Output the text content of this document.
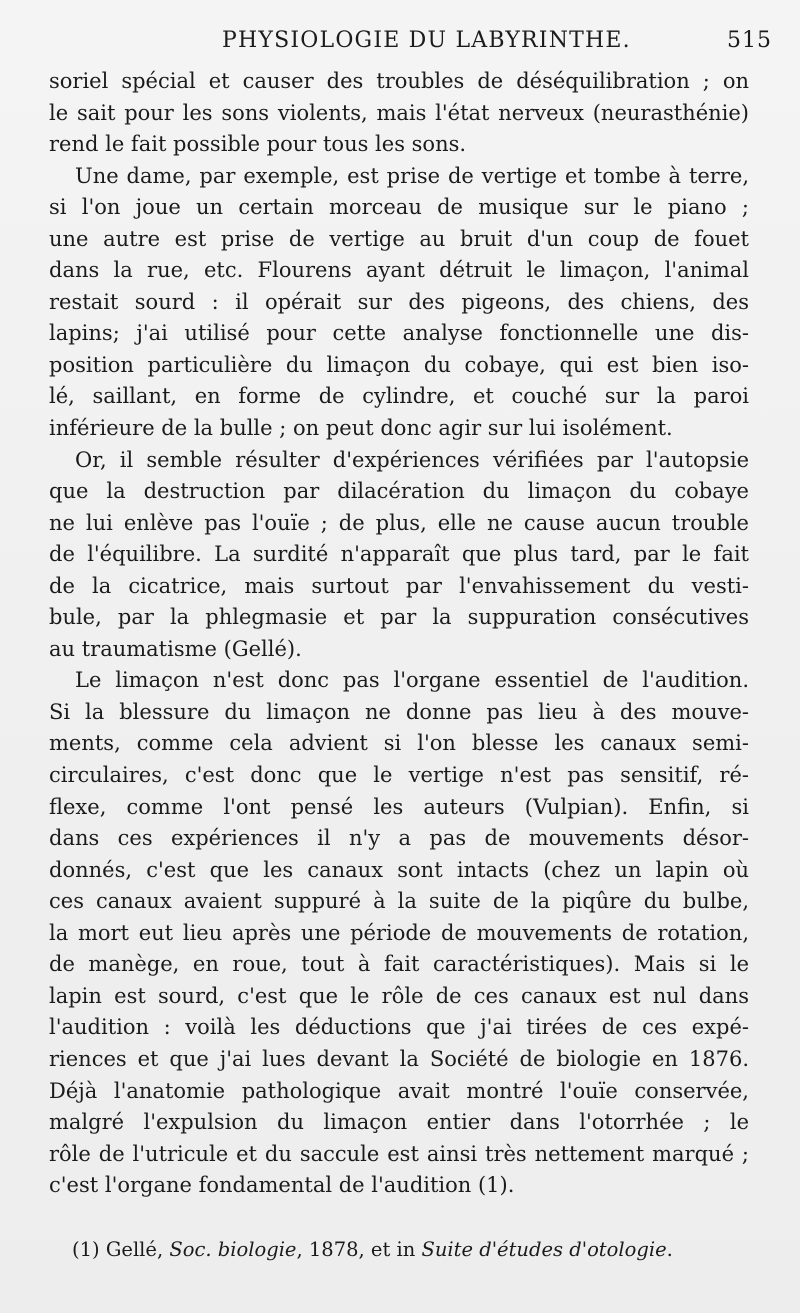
PHYSIOLOGIE DU LABYRINTHE.	515
soriel spécial et causer des troubles de déséquilibration ; on
le sait pour les sons violents, mais l'état nerveux (neurasthénie)
rend le fait possible pour tous les sons.
Une dame, par exemple, est prise de vertige et tombe à terre,
si l'on joue un certain morceau de musique sur le piano ;
une autre est prise de vertige au bruit d'un coup de fouet
dans la rue, etc. Flourens ayant détruit le limaçon, l'animal
restait sourd : il opérait sur des pigeons, des chiens, des
lapins; j'ai utilisé pour cette analyse fonctionnelle une dis-
position particulière du limaçon du cobaye, qui est bien iso-
lé, saillant, en forme de cylindre, et couché sur la paroi
inférieure de la bulle ; on peut donc agir sur lui isolément.
Or, il semble résulter d'expériences vérifiées par l'autopsie
que la destruction par dilacération du limaçon du cobaye
ne lui enlève pas l'ouïe ; de plus, elle ne cause aucun trouble
de l'équilibre. La surdité n'apparaît que plus tard, par le fait
de la cicatrice, mais surtout par l'envahissement du vesti-
bule, par la phlegmasie et par la suppuration consécutives
au traumatisme (Gellé).
Le limaçon n'est donc pas l'organe essentiel de l'audition.
Si la blessure du limaçon ne donne pas lieu à des mouve-
ments, comme cela advient si l'on blesse les canaux semi-
circulaires, c'est donc que le vertige n'est pas sensitif, ré-
flexe, comme l'ont pensé les auteurs (Vulpian). Enfin, si
dans ces expériences il n'y a pas de mouvements désor-
donnés, c'est que les canaux sont intacts (chez un lapin où
ces canaux avaient suppuré à la suite de la piqûre du bulbe,
la mort eut lieu après une période de mouvements de rotation,
de manège, en roue, tout à fait caractéristiques). Mais si le
lapin est sourd, c'est que le rôle de ces canaux est nul dans
l'audition : voilà les déductions que j'ai tirées de ces expé-
riences et que j'ai lues devant la Société de biologie en 1876.
Déjà l'anatomie pathologique avait montré l'ouïe conservée,
malgré l'expulsion du limaçon entier dans l'otorrhée ; le
rôle de l'utricule et du saccule est ainsi très nettement marqué ;
c'est l'organe fondamental de l'audition (1).
(1) Gellé, Soc. biologie, 1878, et in Suite d'études d'otologie.
